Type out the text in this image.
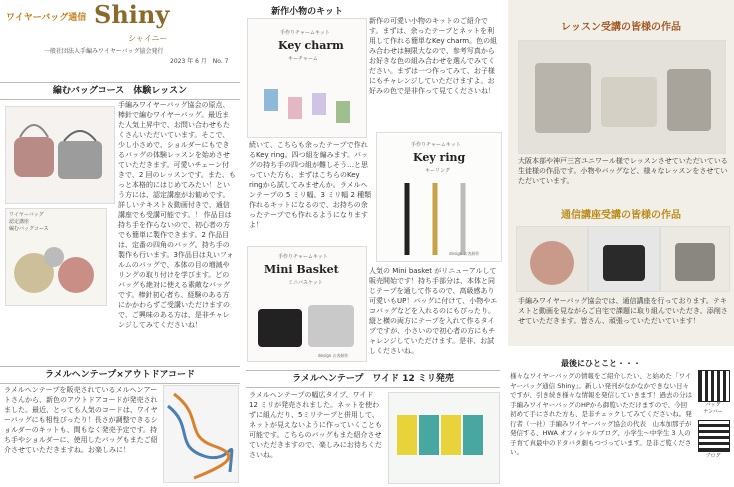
ワイヤーバッグ通信 Shiny
シャイニー
一般社団法人手編みワイヤーバッグ協会発行
2023 年 6 月　No. 7
編むバッグコース　体験レッスン
ワイヤーバッグ
認定講座
編むバッグコース
手編みワイヤーバッグ協会の原点、棒針で編むワイヤーバッグ。最近また人気上昇中で、お問い合わせもたくさんいただいています。そこで、少し小さめで、ショルダーにもできるバッグの体験レッスンを始めさせていただきます。可愛いチェーン付きで、2 回のレッスンです。また、もっと本格的にはじめてみたい！という方には、認定講座がお勧めです。詳しいテキスト＆動画付きで、通信講座でも受講可能です。！ 作品目は持ち手を作らないので、初心者の方でも簡単に製作できます。2 作品目は、定番の四角のバッグ。持ち手の製作も行います。3作品目は丸いフォルムのバッグで、本体の目の増減やリングの取り付けを学びます。どのバッグも絶対に使える素敵なバッグです。棒針初心者ち、経験のある方にかかわらずご受講いただけますので、ご興味のある方は、是非チャレンジしてみてくださいね！
ラメルヘンテープ×アウトドアコード
ラメルヘンテープを販売されているメルヘンアートさんから、新色のアウトドアコードが発売されました。最近、とっても人気のコードは、ワイヤーバッグにも相性ぴったり！長さが調整できるショルダーのキットも、間もなく発売予定です。持ち手やショルダーに、使用したバッグもまたご紹介させていただきますね。お楽しみに！
新作小物のキット
手作りチャームキット
Key charm
キーチャーム
新作の可愛い小物のキットのご紹介です。まずは、余ったテープとネットを利用して作れる簡単なKey charm。色の組み合わせは無限大なので、参考写真からお好きな色の組み合わせを選んでみてください。まずは一つ作ってみて、お子様にもチャレンジしていただけますよ。お好みの色で是非作って見てくださいね！
続いて、こちらも余ったテープで作れるKey ring。四つ組を編みます。バッグの持ち手の四つ組が難しそう…と思っていた方も、まずはこちらのKey ringから試してみませんか。ラメルヘンテープの 5 ミリ幅、3 ミリ幅 2 種類作れるキットになるので、お持ちの余ったテープでも作れるようになりますよ！
手作りチャームキット
Key ring
キーリング
design お表制作
手作りチャームキット
Mini Basket
ミニバスケット
design お表制作
人気の Mini basket がリニューアルして販売開始です！持ち手部分は、本体と同じテープを通して作るので、高級感あり可愛いもUP！バッグに付けて、小物やエコバッグなどを入れるのにもぴったり。縦と横の両方にテープを入れて作るタイプですが、小さいので初心者の方にもチャレンジしていただけます。是非、お試しくださいね。
ラメルヘンテープ　ワイド 12 ミリ発売
ラメルヘンテープの幅広タイプ、ワイド 12 ミリが発売されました。ネットを使わずに組んだり、5ミリテープと併用して、ネットが見えないように作っていくことも可能です。こちらのバッグもまた紹介させていただきますので、楽しみにお待ちくださいね。
レッスン受講の皆様の作品
大阪本部や神戸三宮ユニワール様でレッスンさせていただいている生徒様の作品です。小物やバッグなど、様々なレッスンをさせていただいています。
通信講座受講の皆様の作品
手編みワイヤーバッグ協会では、通信講座を行っております。テキストと動画を見ながらご自宅で課題に取り組んでいただき、添削させていただきます。皆さん、頑張っていただいています！
最後にひとこと・・・
様々なワイヤーバッグの情報をご紹介したい、と始めた「ワイヤーバッグ通信 Shiny」。新しい発刊がなかなかできない日々ですが、引き続き様々な情報を発信していきます！過去の分は手編みワイヤーバッグのHPから御覧いただけますので、今回初めて手にされた方も、是非チェックしてみてくださいね。発行者（一社）手編みワイヤーバッグ協会の代表　山本加那子が発信する、HWA オフィシャルブログ、小学生〜中学生 3 人の子育て真最中のドタバタ劇もつづっています。是非ご覧ください。
バッグ
ナンバー
ブログ
